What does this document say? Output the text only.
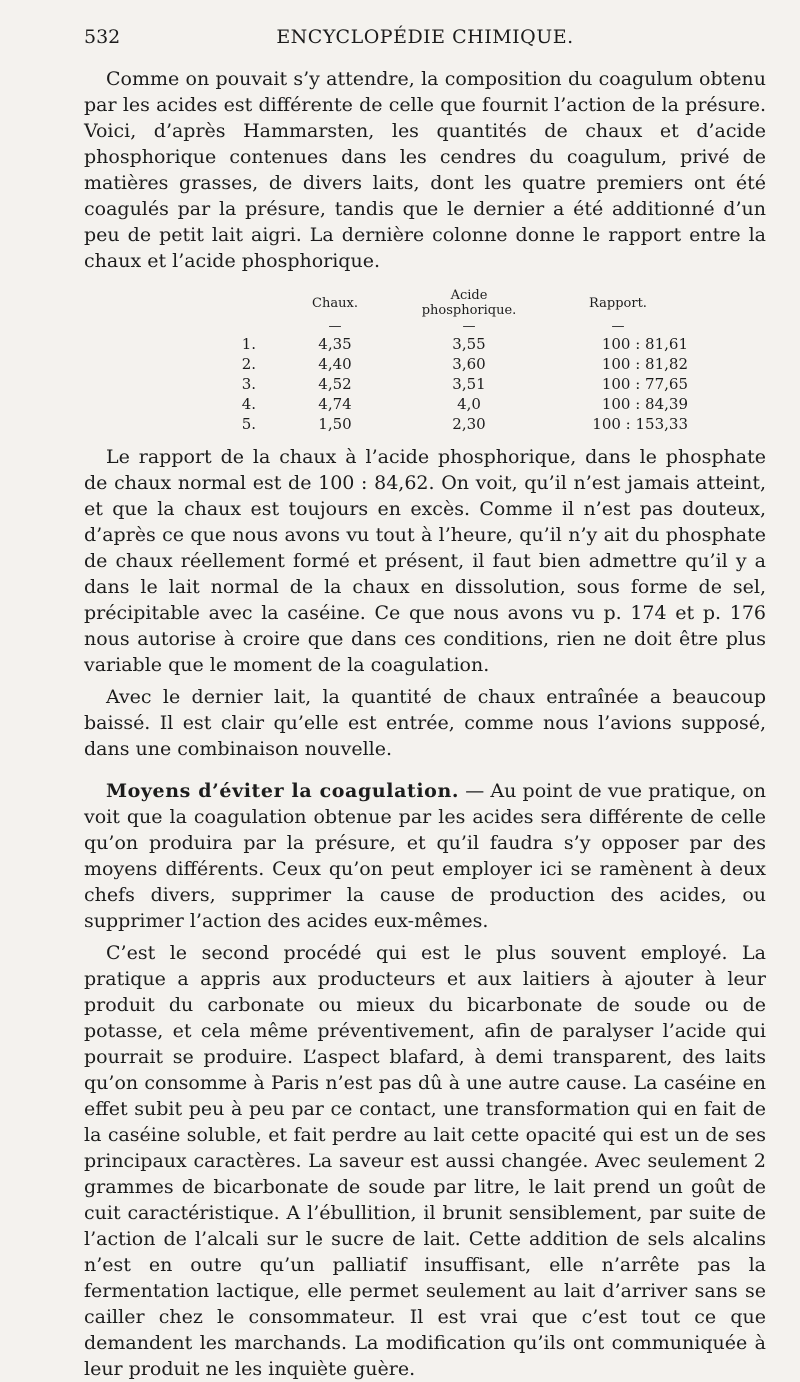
532	ENCYCLOPÉDIE CHIMIQUE.

Comme on pouvait s’y attendre, la composition du coagulum obtenu par les acides est différente de celle que fournit l’action de la présure. Voici, d’après Hammarsten, les quantités de chaux et d’acide phosphorique contenues dans les cendres du coagulum, privé de matières grasses, de divers laits, dont les quatre premiers ont été coagulés par la présure, tandis que le dernier a été additionné d’un peu de petit lait aigri. La dernière colonne donne le rapport entre la chaux et l’acide phosphorique.

	Chaux.	Acide phosphorique.	Rapport.
	—	—	—
1.	4,35	3,55	100 : 81,61
2.	4,40	3,60	100 : 81,82
3.	4,52	3,51	100 : 77,65
4.	4,74	4,0	100 : 84,39
5.	1,50	2,30	100 : 153,33

Le rapport de la chaux à l’acide phosphorique, dans le phosphate de chaux normal est de 100 : 84,62. On voit, qu’il n’est jamais atteint, et que la chaux est toujours en excès. Comme il n’est pas douteux, d’après ce que nous avons vu tout à l’heure, qu’il n’y ait du phosphate de chaux réellement formé et présent, il faut bien admettre qu’il y a dans le lait normal de la chaux en dissolution, sous forme de sel, précipitable avec la caséine. Ce que nous avons vu p. 174 et p. 176 nous autorise à croire que dans ces conditions, rien ne doit être plus variable que le moment de la coagulation.

Avec le dernier lait, la quantité de chaux entraînée a beaucoup baissé. Il est clair qu’elle est entrée, comme nous l’avions supposé, dans une combinaison nouvelle.

Moyens d’éviter la coagulation. — Au point de vue pratique, on voit que la coagulation obtenue par les acides sera différente de celle qu’on produira par la présure, et qu’il faudra s’y opposer par des moyens différents. Ceux qu’on peut employer ici se ramènent à deux chefs divers, supprimer la cause de production des acides, ou supprimer l’action des acides eux-mêmes.

C’est le second procédé qui est le plus souvent employé. La pratique a appris aux producteurs et aux laitiers à ajouter à leur produit du carbonate ou mieux du bicarbonate de soude ou de potasse, et cela même préventivement, afin de paralyser l’acide qui pourrait se produire. L’aspect blafard, à demi transparent, des laits qu’on consomme à Paris n’est pas dû à une autre cause. La caséine en effet subit peu à peu par ce contact, une transformation qui en fait de la caséine soluble, et fait perdre au lait cette opacité qui est un de ses principaux caractères. La saveur est aussi changée. Avec seulement 2 grammes de bicarbonate de soude par litre, le lait prend un goût de cuit caractéristique. A l’ébullition, il brunit sensiblement, par suite de l’action de l’alcali sur le sucre de lait. Cette addition de sels alcalins n’est en outre qu’un palliatif insuffisant, elle n’arrête pas la fermentation lactique, elle permet seulement au lait d’arriver sans se cailler chez le consommateur. Il est vrai que c’est tout ce que demandent les marchands. La modification qu’ils ont communiquée à leur produit ne les inquiète guère.
